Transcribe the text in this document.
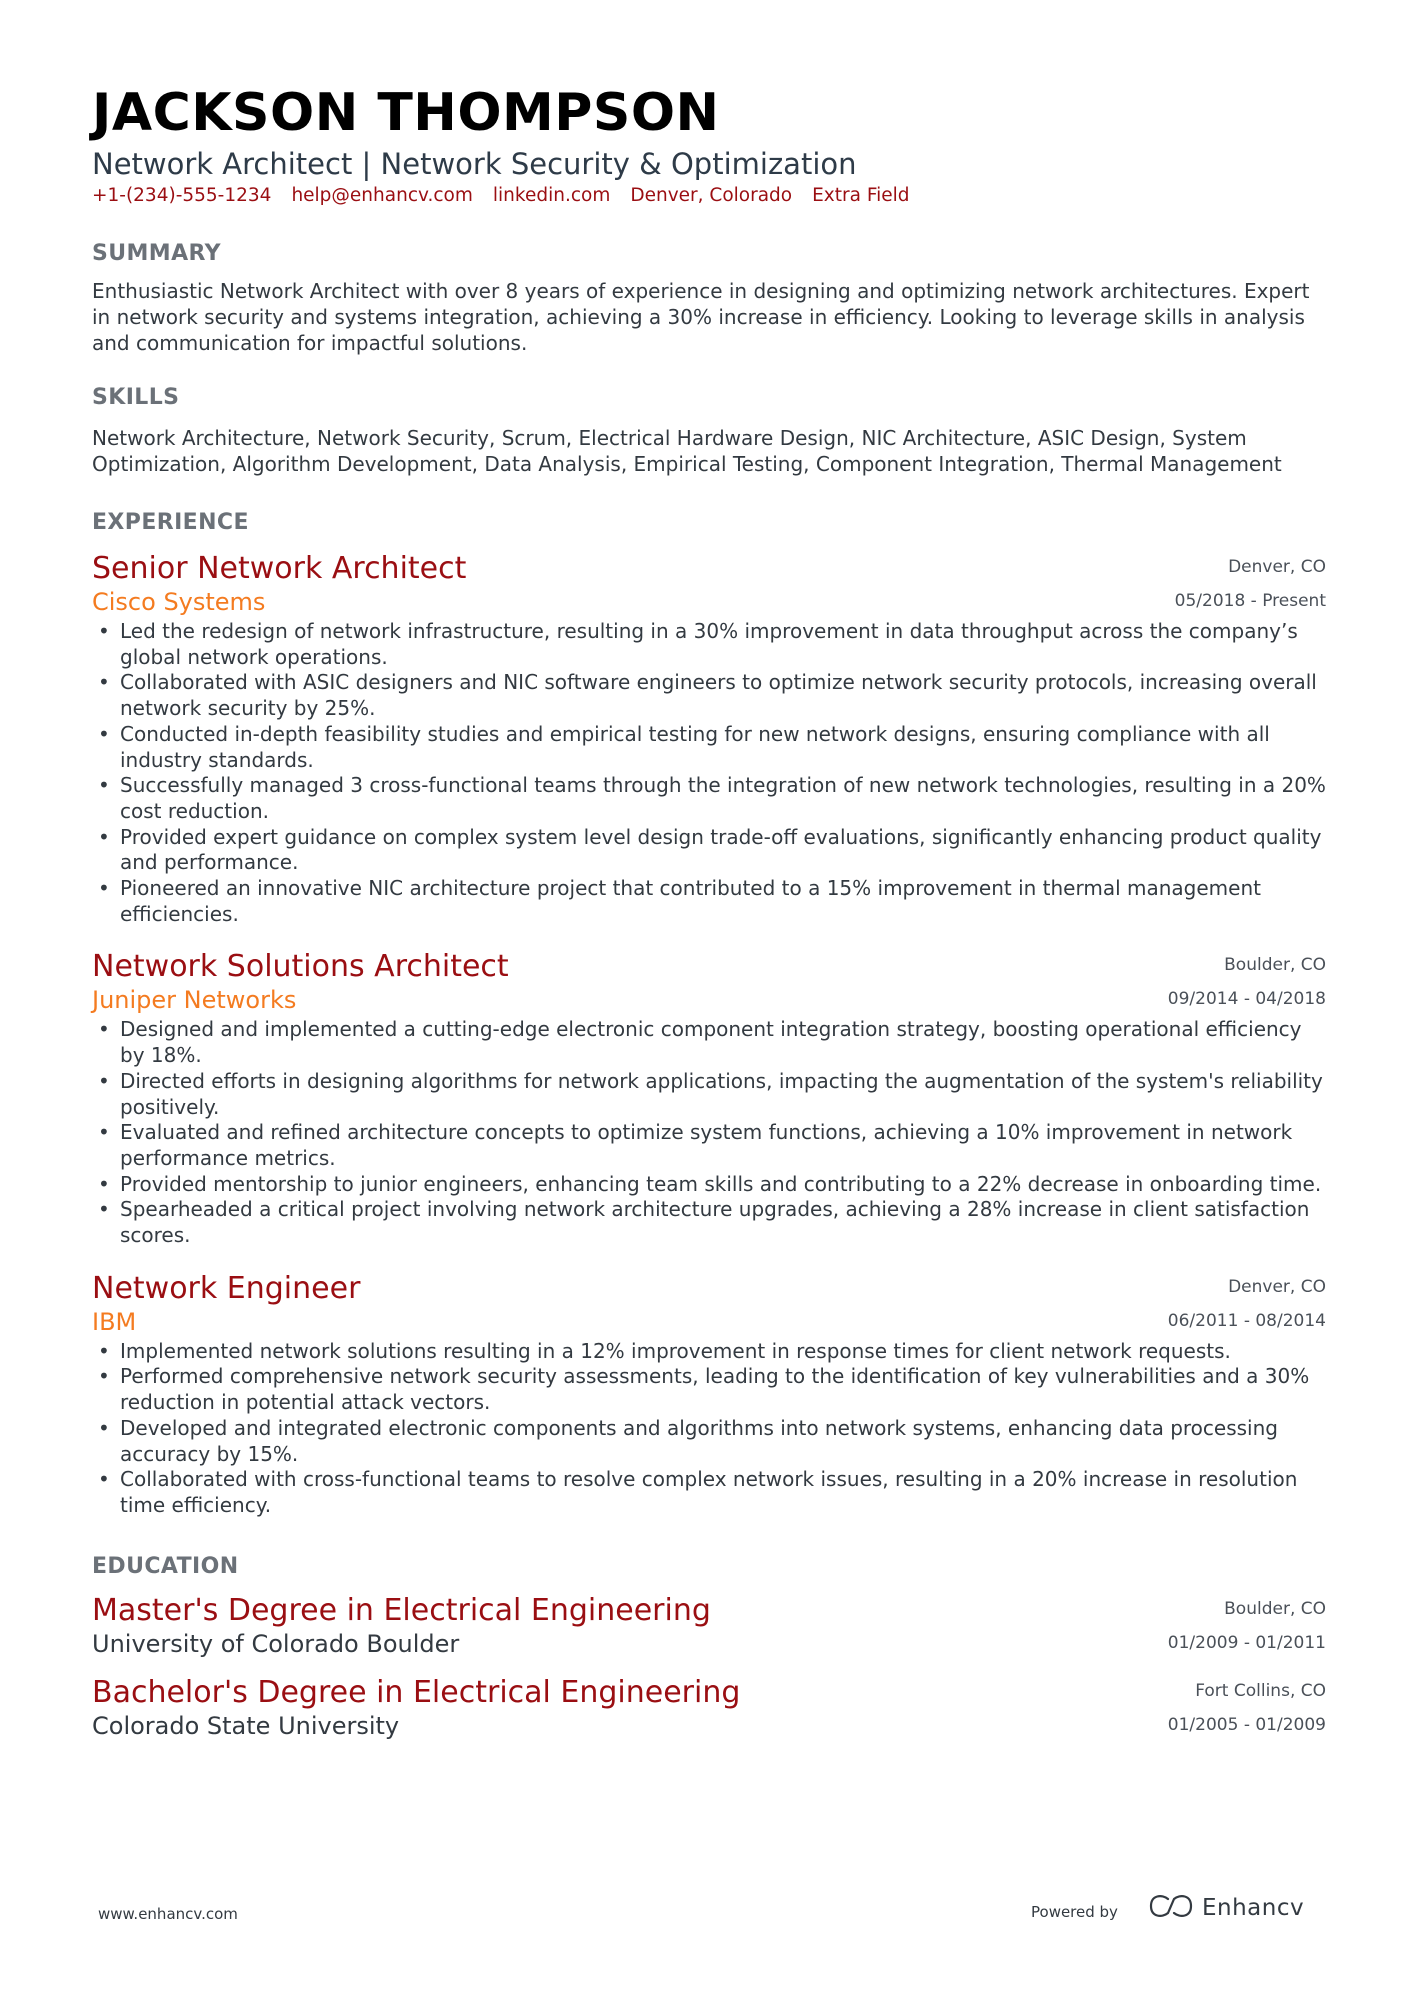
JACKSON THOMPSON
Network Architect | Network Security & Optimization
+1-(234)-555-1234 help@enhancv.com linkedin.com Denver, Colorado Extra Field
SUMMARY

Enthusiastic Network Architect with over 8 years of experience in designing and optimizing network architectures. Expert in network security and systems integration, achieving a 30% increase in efficiency. Looking to leverage skills in analysis and communication for impactful solutions.

SKILLS

Network Architecture, Network Security, Scrum, Electrical Hardware Design, NIC Architecture, ASIC Design, System Optimization, Algorithm Development, Data Analysis, Empirical Testing, Component Integration, Thermal Management

EXPERIENCE
Senior Network Architect
Cisco Systems
Denver, CO
05/2018 - Present
• Led the redesign of network infrastructure, resulting in a 30% improvement in data throughput across the company’s global network operations.
• Collaborated with ASIC designers and NIC software engineers to optimize network security protocols, increasing overall network security by 25%.
• Conducted in-depth feasibility studies and empirical testing for new network designs, ensuring compliance with all industry standards.
• Successfully managed 3 cross-functional teams through the integration of new network technologies, resulting in a 20% cost reduction.
• Provided expert guidance on complex system level design trade-off evaluations, significantly enhancing product quality and performance.
• Pioneered an innovative NIC architecture project that contributed to a 15% improvement in thermal management efficiencies.
Network Solutions Architect
Juniper Networks
Boulder, CO
09/2014 - 04/2018
• Designed and implemented a cutting-edge electronic component integration strategy, boosting operational efficiency by 18%.
• Directed efforts in designing algorithms for network applications, impacting the augmentation of the system's reliability positively.
• Evaluated and refined architecture concepts to optimize system functions, achieving a 10% improvement in network performance metrics.
• Provided mentorship to junior engineers, enhancing team skills and contributing to a 22% decrease in onboarding time.
• Spearheaded a critical project involving network architecture upgrades, achieving a 28% increase in client satisfaction scores.
Network Engineer
IBM
Denver, CO
06/2011 - 08/2014
• Implemented network solutions resulting in a 12% improvement in response times for client network requests.
• Performed comprehensive network security assessments, leading to the identification of key vulnerabilities and a 30% reduction in potential attack vectors.
• Developed and integrated electronic components and algorithms into network systems, enhancing data processing accuracy by 15%.
• Collaborated with cross-functional teams to resolve complex network issues, resulting in a 20% increase in resolution time efficiency.
EDUCATION
Master's Degree in Electrical Engineering
University of Colorado Boulder
Boulder, CO
01/2009 - 01/2011
Bachelor's Degree in Electrical Engineering
Colorado State University
Fort Collins, CO
01/2005 - 01/2009
www.enhancv.com	Powered by	Enhancv
